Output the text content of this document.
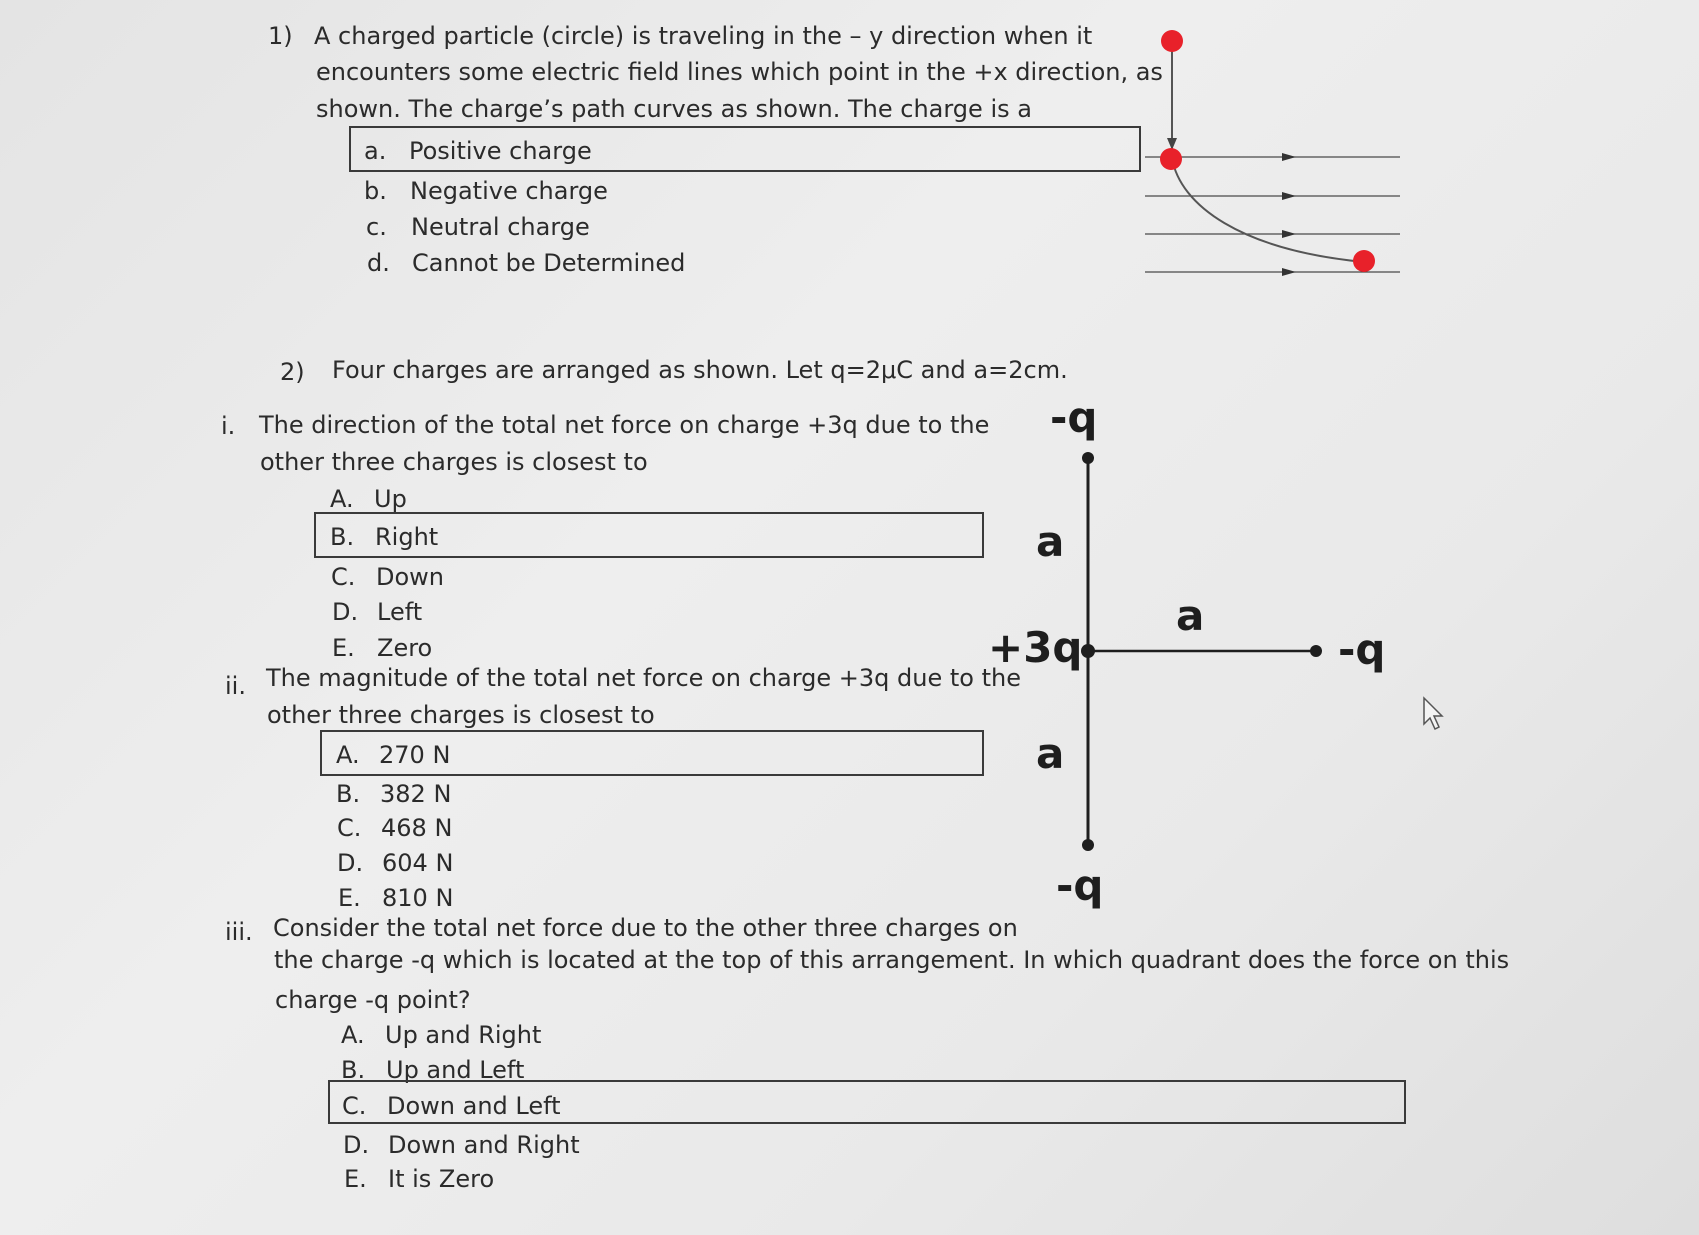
1) A charged particle (circle) is traveling in the – y direction when it
encounters some electric field lines which point in the +x direction, as
shown. The charge’s path curves as shown. The charge is a
a. Positive charge
b. Negative charge
c. Neutral charge
d. Cannot be Determined
2) Four charges are arranged as shown. Let q=2μC and a=2cm.
i. The direction of the total net force on charge +3q due to the
other three charges is closest to
A. Up
B. Right
C. Down
D. Left
E. Zero
ii. The magnitude of the total net force on charge +3q due to the
other three charges is closest to
A. 270 N
B. 382 N
C. 468 N
D. 604 N
E. 810 N
iii. Consider the total net force due to the other three charges on
the charge -q which is located at the top of this arrangement. In which quadrant does the force on this
charge -q point?
A. Up and Right
B. Up and Left
C. Down and Left
D. Down and Right
E. It is Zero
-q
+3q	-q
-q
a
a
a
